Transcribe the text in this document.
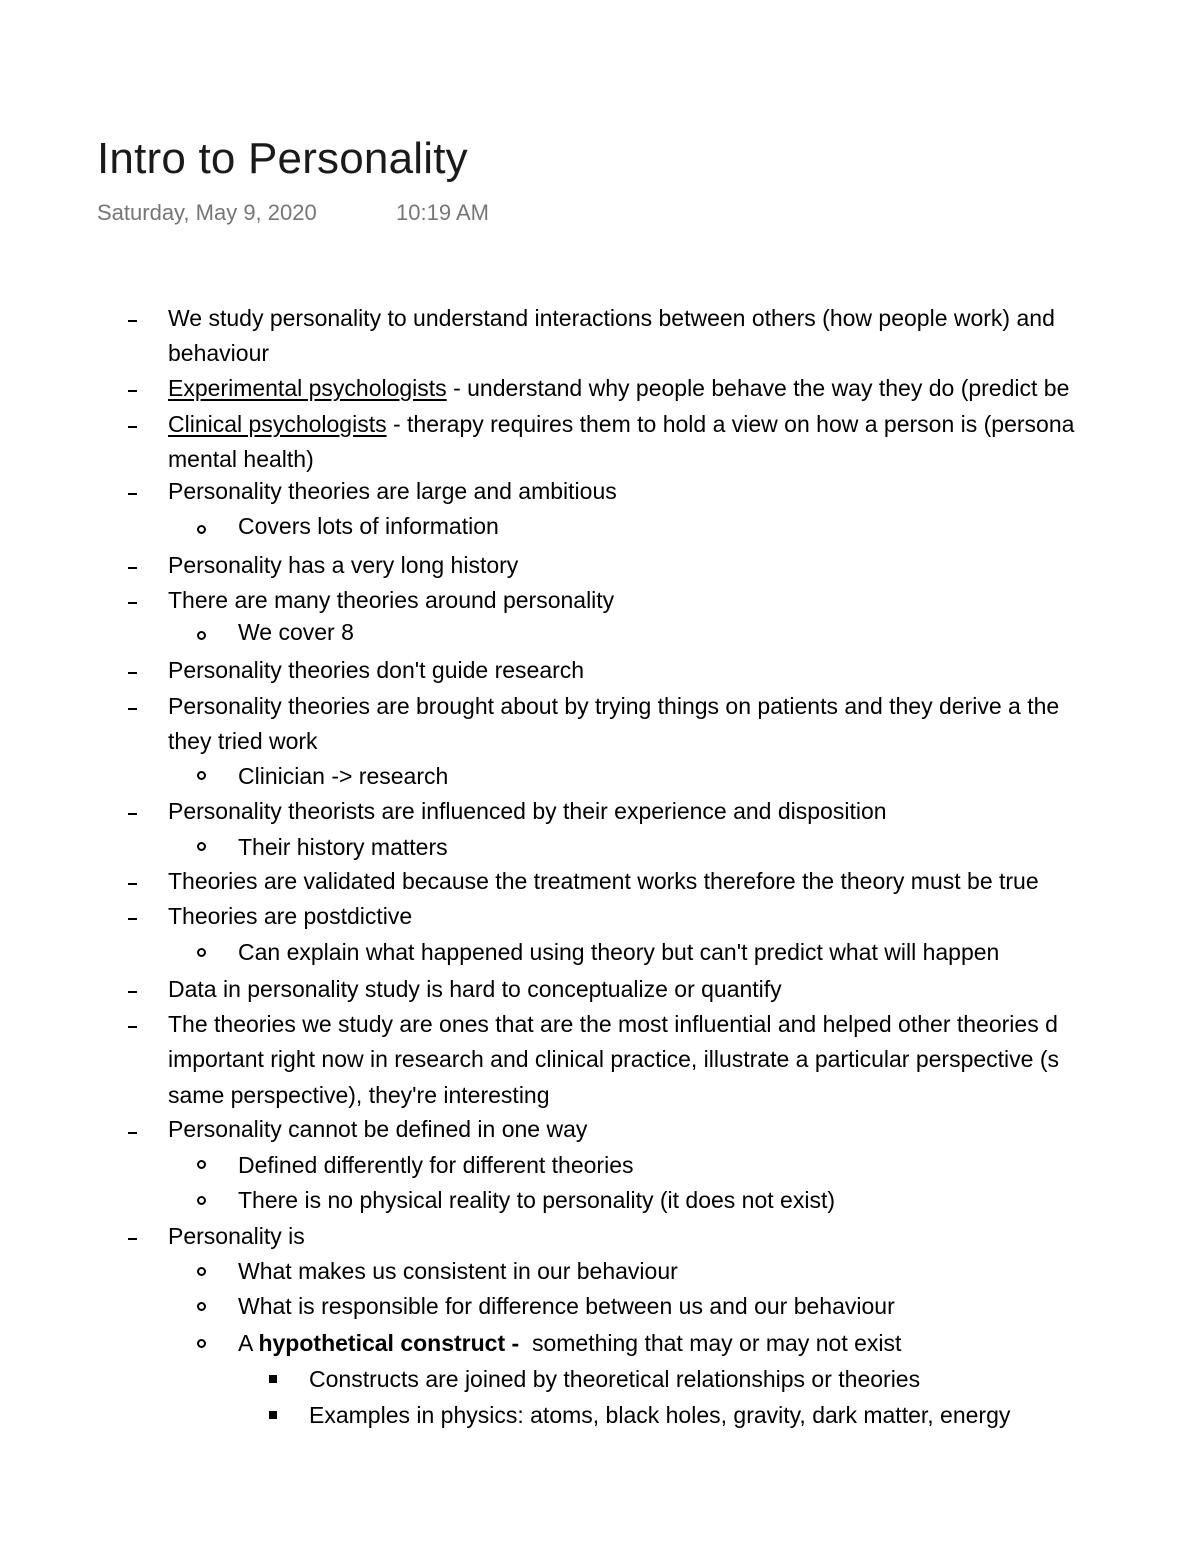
Intro to Personality
Saturday, May 9, 2020	10:19 AM
We study personality to understand interactions between others (how people work) and
behaviour
Experimental psychologists - understand why people behave the way they do (predict be
Clinical psychologists - therapy requires them to hold a view on how a person is (persona
mental health)
Personality theories are large and ambitious
Covers lots of information
Personality has a very long history
There are many theories around personality
We cover 8
Personality theories don't guide research
Personality theories are brought about by trying things on patients and they derive a the
they tried work
Clinician -> research
Personality theorists are influenced by their experience and disposition
Their history matters
Theories are validated because the treatment works therefore the theory must be true
Theories are postdictive
Can explain what happened using theory but can't predict what will happen
Data in personality study is hard to conceptualize or quantify
The theories we study are ones that are the most influential and helped other theories d
important right now in research and clinical practice, illustrate a particular perspective (s
same perspective), they're interesting
Personality cannot be defined in one way
Defined differently for different theories
There is no physical reality to personality (it does not exist)
Personality is
What makes us consistent in our behaviour
What is responsible for difference between us and our behaviour
A hypothetical construct -  something that may or may not exist
Constructs are joined by theoretical relationships or theories
Examples in physics: atoms, black holes, gravity, dark matter, energy
